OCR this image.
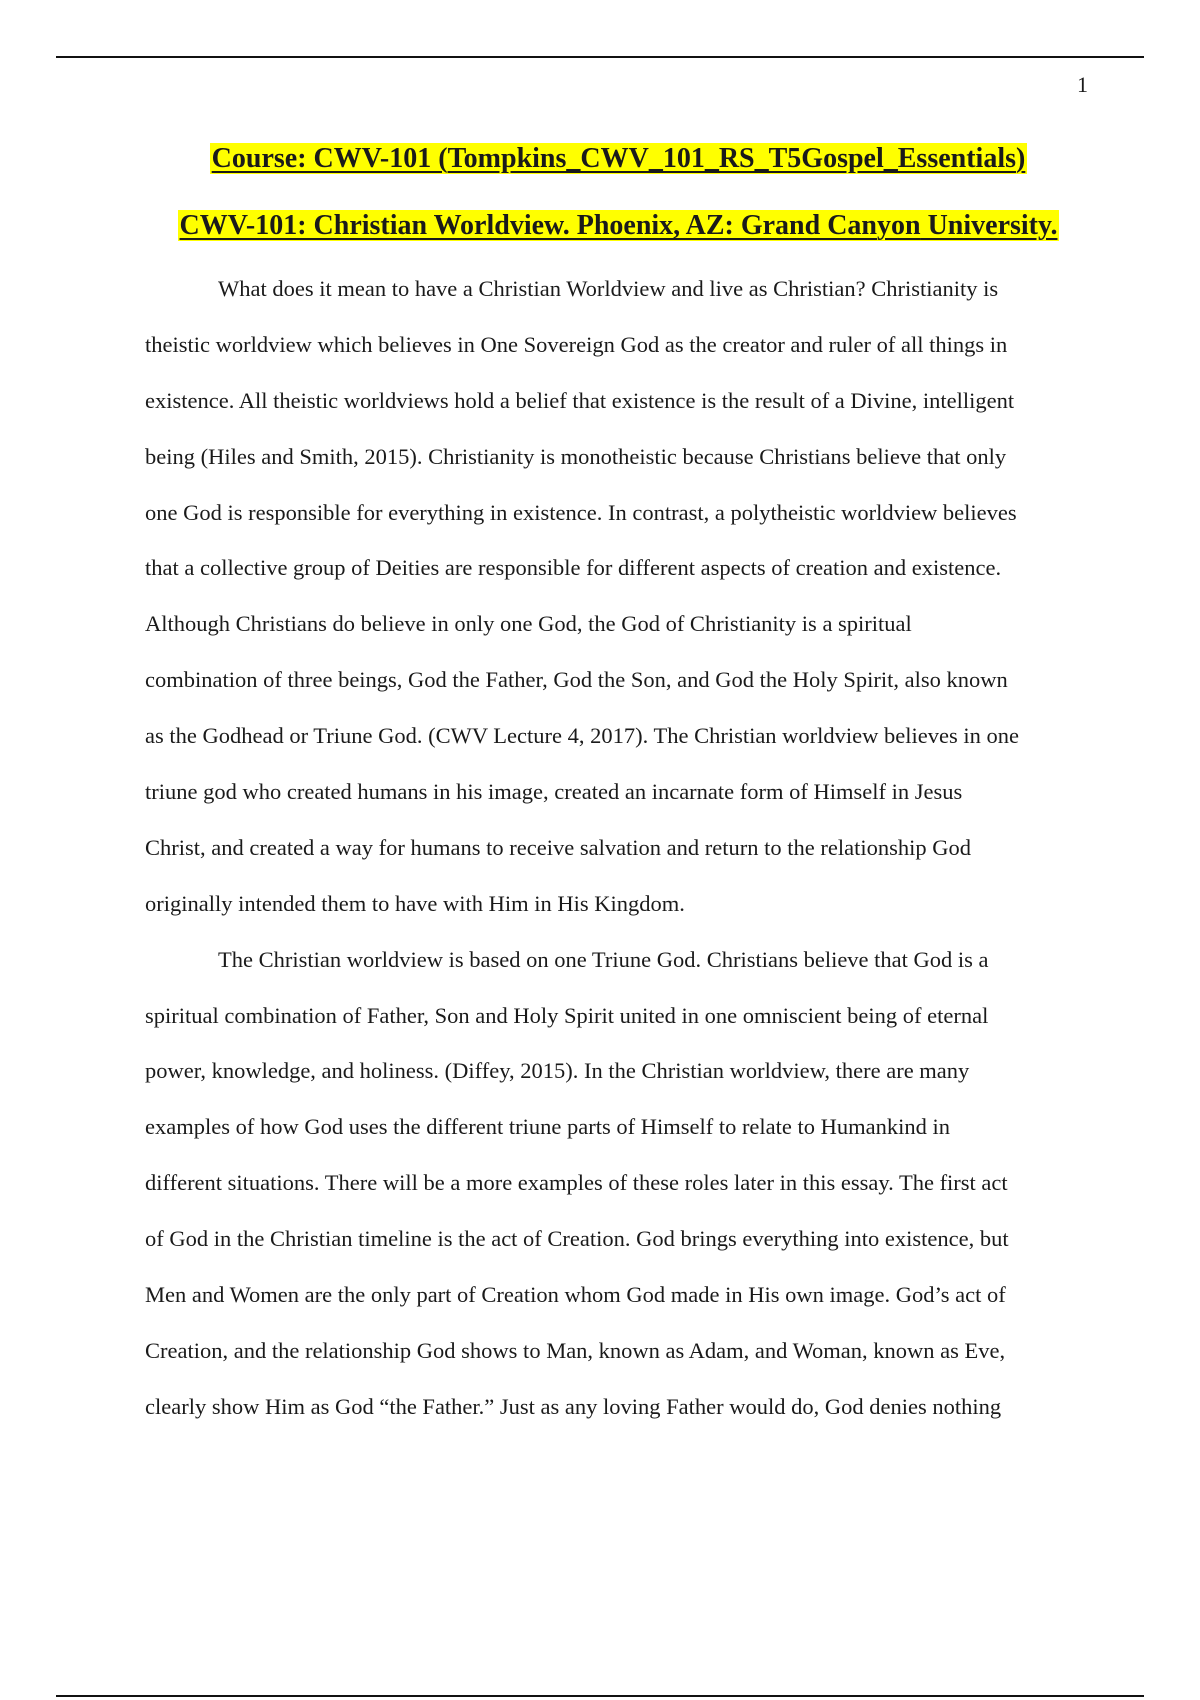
1
Course: CWV-101 (Tompkins_CWV_101_RS_T5Gospel_Essentials)
CWV-101: Christian Worldview. Phoenix, AZ: Grand Canyon University.
What does it mean to have a Christian Worldview and live as Christian? Christianity is
theistic worldview which believes in One Sovereign God as the creator and ruler of all things in
existence. All theistic worldviews hold a belief that existence is the result of a Divine, intelligent
being (Hiles and Smith, 2015). Christianity is monotheistic because Christians believe that only
one God is responsible for everything in existence. In contrast, a polytheistic worldview believes
that a collective group of Deities are responsible for different aspects of creation and existence.
Although Christians do believe in only one God, the God of Christianity is a spiritual
combination of three beings, God the Father, God the Son, and God the Holy Spirit, also known
as the Godhead or Triune God. (CWV Lecture 4, 2017). The Christian worldview believes in one
triune god who created humans in his image, created an incarnate form of Himself in Jesus
Christ, and created a way for humans to receive salvation and return to the relationship God
originally intended them to have with Him in His Kingdom.
The Christian worldview is based on one Triune God. Christians believe that God is a
spiritual combination of Father, Son and Holy Spirit united in one omniscient being of eternal
power, knowledge, and holiness. (Diffey, 2015). In the Christian worldview, there are many
examples of how God uses the different triune parts of Himself to relate to Humankind in
different situations. There will be a more examples of these roles later in this essay. The first act
of God in the Christian timeline is the act of Creation. God brings everything into existence, but
Men and Women are the only part of Creation whom God made in His own image. God’s act of
Creation, and the relationship God shows to Man, known as Adam, and Woman, known as Eve,
clearly show Him as God “the Father.” Just as any loving Father would do, God denies nothing
